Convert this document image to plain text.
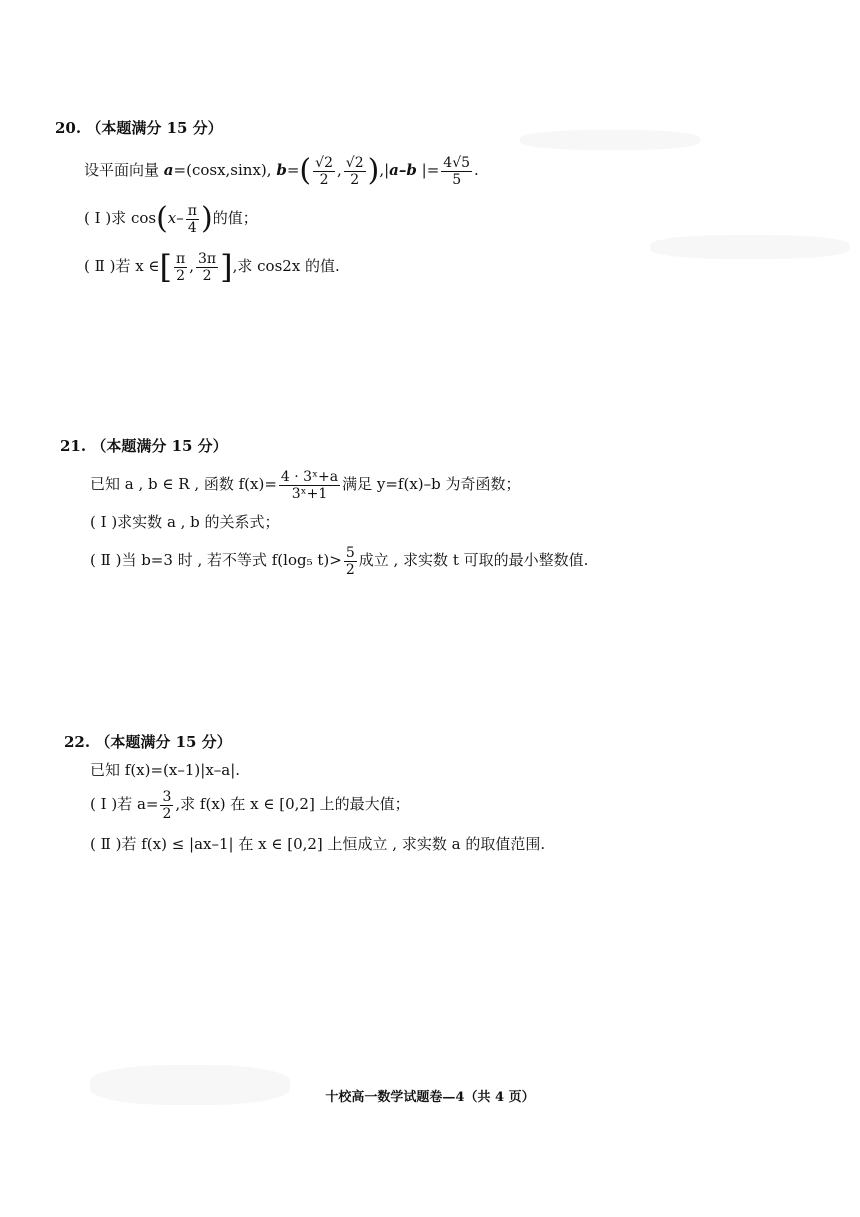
20. （本题满分 15 分）
设平面向量 a=(cosx,sinx), $b=( \frac{√2}{2}$ , $\frac{√2}{2} ),|a-b$ |= $\frac{4√5}{5}$ .
( Ⅰ )求 $\cos(x- \frac{\pi}{4}$ )的值；
( Ⅱ )若 x ∈[ $\frac{\pi}{2}$ , $\frac{3\pi}{2}$ ],求 cos2x 的值.
21. （本题满分 15 分）
已知 a , b ∈ R , 函数 $f(x)= \frac{\text{4 · 3ˣ+a}}{\text{3ˣ+1}}$ 满足 y=f(x)–b 为奇函数；
( Ⅰ )求实数 a , b 的关系式；
( Ⅱ )当 b=3 时 , 若不等式 f(log₅ $t)> \frac{5}{2}$ 成立 , 求实数 t 可取的最小整数值.
22. （本题满分 15 分）
已知 f(x)=(x–1)|x–a|.
( Ⅰ )若 $a= \frac{3}{2}$ ,求 f(x) 在 x ∈ [0,2] 上的最大值；
( Ⅱ )若 f(x) ≤ |ax–1| 在 x ∈ [0,2] 上恒成立 , 求实数 a 的取值范围.
十校高一数学试题卷—4（共 4 页）
